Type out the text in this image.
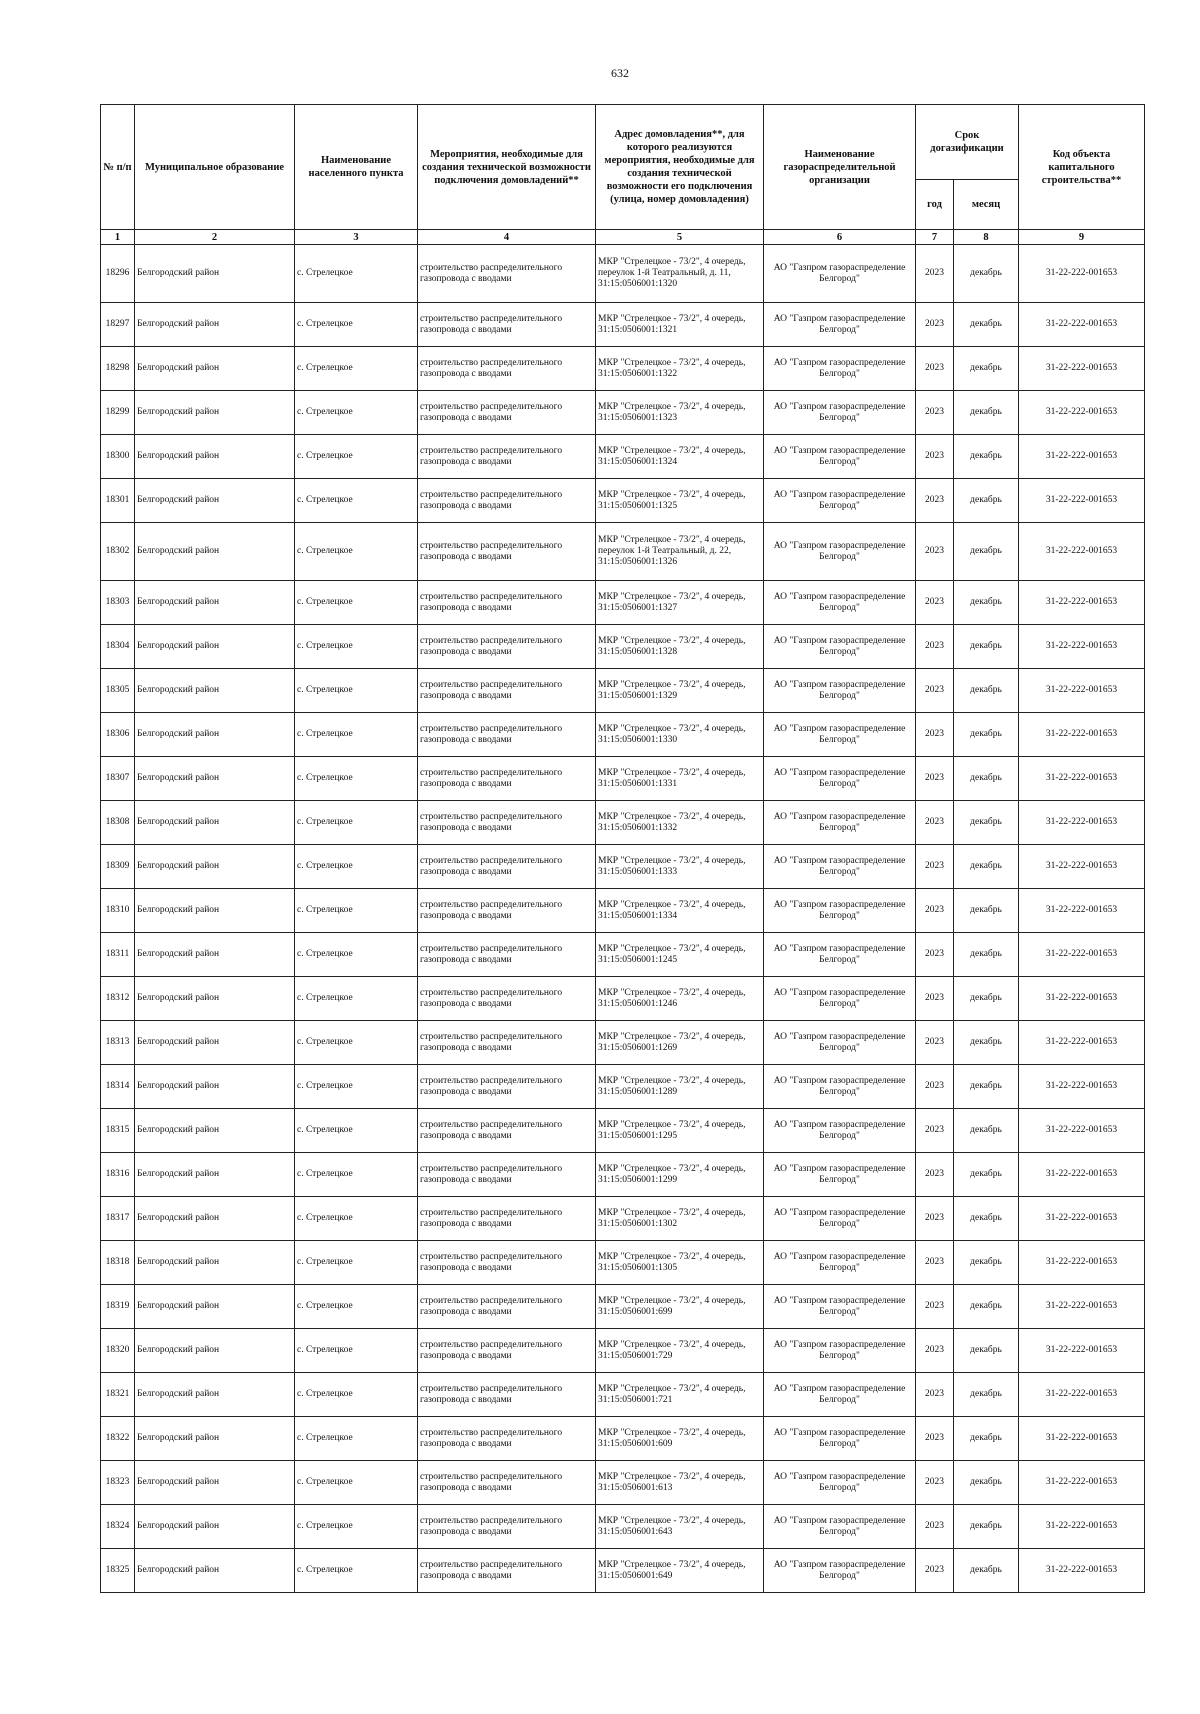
632
№ п/п	Муниципальное образование	Наименование населенного пункта	Мероприятия, необходимые для создания технической возможности подключения домовладений**	Адрес домовладения**, для которого реализуются мероприятия, необходимые для создания технической возможности его подключения (улица, номер домовладения)	Наименование газораспределительной организации	Срок догазификации		Код объекта капитального строительства**
						год	месяц	
1	2	3	4	5	6	7	8	9
18296	Белгородский район	с. Стрелецкое	строительство распределительного газопровода с вводами	МКР "Стрелецкое - 73/2", 4 очередь, переулок 1-й Театральный, д. 11, 31:15:0506001:1320	АО "Газпром газораспределение Белгород"	2023	декабрь	31-22-222-001653
18297	Белгородский район	с. Стрелецкое	строительство распределительного газопровода с вводами	МКР "Стрелецкое - 73/2", 4 очередь, 31:15:0506001:1321	АО "Газпром газораспределение Белгород"	2023	декабрь	31-22-222-001653
18298	Белгородский район	с. Стрелецкое	строительство распределительного газопровода с вводами	МКР "Стрелецкое - 73/2", 4 очередь, 31:15:0506001:1322	АО "Газпром газораспределение Белгород"	2023	декабрь	31-22-222-001653
18299	Белгородский район	с. Стрелецкое	строительство распределительного газопровода с вводами	МКР "Стрелецкое - 73/2", 4 очередь, 31:15:0506001:1323	АО "Газпром газораспределение Белгород"	2023	декабрь	31-22-222-001653
18300	Белгородский район	с. Стрелецкое	строительство распределительного газопровода с вводами	МКР "Стрелецкое - 73/2", 4 очередь, 31:15:0506001:1324	АО "Газпром газораспределение Белгород"	2023	декабрь	31-22-222-001653
18301	Белгородский район	с. Стрелецкое	строительство распределительного газопровода с вводами	МКР "Стрелецкое - 73/2", 4 очередь, 31:15:0506001:1325	АО "Газпром газораспределение Белгород"	2023	декабрь	31-22-222-001653
18302	Белгородский район	с. Стрелецкое	строительство распределительного газопровода с вводами	МКР "Стрелецкое - 73/2", 4 очередь, переулок 1-й Театральный, д. 22, 31:15:0506001:1326	АО "Газпром газораспределение Белгород"	2023	декабрь	31-22-222-001653
18303	Белгородский район	с. Стрелецкое	строительство распределительного газопровода с вводами	МКР "Стрелецкое - 73/2", 4 очередь, 31:15:0506001:1327	АО "Газпром газораспределение Белгород"	2023	декабрь	31-22-222-001653
18304	Белгородский район	с. Стрелецкое	строительство распределительного газопровода с вводами	МКР "Стрелецкое - 73/2", 4 очередь, 31:15:0506001:1328	АО "Газпром газораспределение Белгород"	2023	декабрь	31-22-222-001653
18305	Белгородский район	с. Стрелецкое	строительство распределительного газопровода с вводами	МКР "Стрелецкое - 73/2", 4 очередь, 31:15:0506001:1329	АО "Газпром газораспределение Белгород"	2023	декабрь	31-22-222-001653
18306	Белгородский район	с. Стрелецкое	строительство распределительного газопровода с вводами	МКР "Стрелецкое - 73/2", 4 очередь, 31:15:0506001:1330	АО "Газпром газораспределение Белгород"	2023	декабрь	31-22-222-001653
18307	Белгородский район	с. Стрелецкое	строительство распределительного газопровода с вводами	МКР "Стрелецкое - 73/2", 4 очередь, 31:15:0506001:1331	АО "Газпром газораспределение Белгород"	2023	декабрь	31-22-222-001653
18308	Белгородский район	с. Стрелецкое	строительство распределительного газопровода с вводами	МКР "Стрелецкое - 73/2", 4 очередь, 31:15:0506001:1332	АО "Газпром газораспределение Белгород"	2023	декабрь	31-22-222-001653
18309	Белгородский район	с. Стрелецкое	строительство распределительного газопровода с вводами	МКР "Стрелецкое - 73/2", 4 очередь, 31:15:0506001:1333	АО "Газпром газораспределение Белгород"	2023	декабрь	31-22-222-001653
18310	Белгородский район	с. Стрелецкое	строительство распределительного газопровода с вводами	МКР "Стрелецкое - 73/2", 4 очередь, 31:15:0506001:1334	АО "Газпром газораспределение Белгород"	2023	декабрь	31-22-222-001653
18311	Белгородский район	с. Стрелецкое	строительство распределительного газопровода с вводами	МКР "Стрелецкое - 73/2", 4 очередь, 31:15:0506001:1245	АО "Газпром газораспределение Белгород"	2023	декабрь	31-22-222-001653
18312	Белгородский район	с. Стрелецкое	строительство распределительного газопровода с вводами	МКР "Стрелецкое - 73/2", 4 очередь, 31:15:0506001:1246	АО "Газпром газораспределение Белгород"	2023	декабрь	31-22-222-001653
18313	Белгородский район	с. Стрелецкое	строительство распределительного газопровода с вводами	МКР "Стрелецкое - 73/2", 4 очередь, 31:15:0506001:1269	АО "Газпром газораспределение Белгород"	2023	декабрь	31-22-222-001653
18314	Белгородский район	с. Стрелецкое	строительство распределительного газопровода с вводами	МКР "Стрелецкое - 73/2", 4 очередь, 31:15:0506001:1289	АО "Газпром газораспределение Белгород"	2023	декабрь	31-22-222-001653
18315	Белгородский район	с. Стрелецкое	строительство распределительного газопровода с вводами	МКР "Стрелецкое - 73/2", 4 очередь, 31:15:0506001:1295	АО "Газпром газораспределение Белгород"	2023	декабрь	31-22-222-001653
18316	Белгородский район	с. Стрелецкое	строительство распределительного газопровода с вводами	МКР "Стрелецкое - 73/2", 4 очередь, 31:15:0506001:1299	АО "Газпром газораспределение Белгород"	2023	декабрь	31-22-222-001653
18317	Белгородский район	с. Стрелецкое	строительство распределительного газопровода с вводами	МКР "Стрелецкое - 73/2", 4 очередь, 31:15:0506001:1302	АО "Газпром газораспределение Белгород"	2023	декабрь	31-22-222-001653
18318	Белгородский район	с. Стрелецкое	строительство распределительного газопровода с вводами	МКР "Стрелецкое - 73/2", 4 очередь, 31:15:0506001:1305	АО "Газпром газораспределение Белгород"	2023	декабрь	31-22-222-001653
18319	Белгородский район	с. Стрелецкое	строительство распределительного газопровода с вводами	МКР "Стрелецкое - 73/2", 4 очередь, 31:15:0506001:699	АО "Газпром газораспределение Белгород"	2023	декабрь	31-22-222-001653
18320	Белгородский район	с. Стрелецкое	строительство распределительного газопровода с вводами	МКР "Стрелецкое - 73/2", 4 очередь, 31:15:0506001:729	АО "Газпром газораспределение Белгород"	2023	декабрь	31-22-222-001653
18321	Белгородский район	с. Стрелецкое	строительство распределительного газопровода с вводами	МКР "Стрелецкое - 73/2", 4 очередь, 31:15:0506001:721	АО "Газпром газораспределение Белгород"	2023	декабрь	31-22-222-001653
18322	Белгородский район	с. Стрелецкое	строительство распределительного газопровода с вводами	МКР "Стрелецкое - 73/2", 4 очередь, 31:15:0506001:609	АО "Газпром газораспределение Белгород"	2023	декабрь	31-22-222-001653
18323	Белгородский район	с. Стрелецкое	строительство распределительного газопровода с вводами	МКР "Стрелецкое - 73/2", 4 очередь, 31:15:0506001:613	АО "Газпром газораспределение Белгород"	2023	декабрь	31-22-222-001653
18324	Белгородский район	с. Стрелецкое	строительство распределительного газопровода с вводами	МКР "Стрелецкое - 73/2", 4 очередь, 31:15:0506001:643	АО "Газпром газораспределение Белгород"	2023	декабрь	31-22-222-001653
18325	Белгородский район	с. Стрелецкое	строительство распределительного газопровода с вводами	МКР "Стрелецкое - 73/2", 4 очередь, 31:15:0506001:649	АО "Газпром газораспределение Белгород"	2023	декабрь	31-22-222-001653
